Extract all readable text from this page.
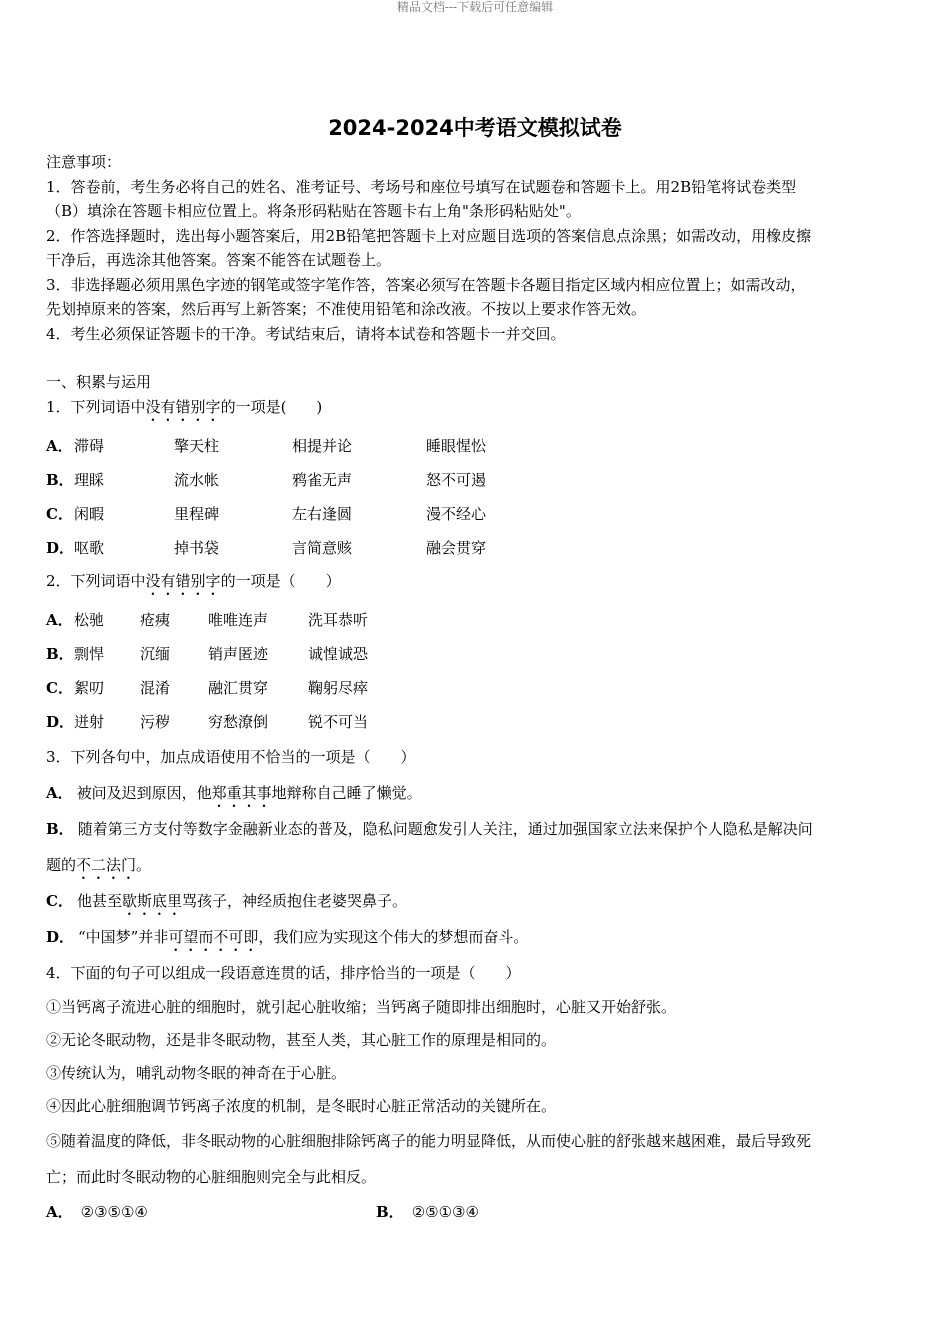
精品文档---下载后可任意编辑
2024-2024中考语文模拟试卷
注意事项：
1．答卷前，考生务必将自己的姓名、准考证号、考场号和座位号填写在试题卷和答题卡上。用2B铅笔将试卷类型
（B）填涂在答题卡相应位置上。将条形码粘贴在答题卡右上角"条形码粘贴处"。
2．作答选择题时，选出每小题答案后，用2B铅笔把答题卡上对应题目选项的答案信息点涂黑；如需改动，用橡皮擦
干净后，再选涂其他答案。答案不能答在试题卷上。
3．非选择题必须用黑色字迹的钢笔或签字笔作答，答案必须写在答题卡各题目指定区域内相应位置上；如需改动，
先划掉原来的答案，然后再写上新答案；不准使用铅笔和涂改液。不按以上要求作答无效。
4．考生必须保证答题卡的干净。考试结束后，请将本试卷和答题卡一并交回。
一、积累与运用
1．下列词语中没有错别字的一项是(　　)
A． 滞碍	擎天柱	相提并论	睡眼惺忪
B． 理睬	流水帐	鸦雀无声	怒不可遏
C． 闲暇	里程碑	左右逢圆	漫不经心
D． 呕歌	掉书袋	言简意赅	融会贯穿
2．下列词语中没有错别字的一项是（　　）
A． 松驰	疮痍	唯唯连声	洗耳恭听
B． 剽悍	沉缅	销声匿迹	诚惶诚恐
C． 絮叨	混淆	融汇贯穿	鞠躬尽瘁
D． 迸射	污秽	穷愁潦倒	锐不可当
3．下列各句中，加点成语使用不恰当的一项是（　　）
A． 被问及迟到原因，他郑重其事地辩称自己睡了懒觉。
B． 随着第三方支付等数字金融新业态的普及，隐私问题愈发引人关注，通过加强国家立法来保护个人隐私是解决问
题的不二法门。
C． 他甚至歇斯底里骂孩子，神经质抱住老婆哭鼻子。
D． “中国梦”并非可望而不可即，我们应为实现这个伟大的梦想而奋斗。
4．下面的句子可以组成一段语意连贯的话，排序恰当的一项是（　　）
①当钙离子流进心脏的细胞时，就引起心脏收缩；当钙离子随即排出细胞时，心脏又开始舒张。
②无论冬眠动物，还是非冬眠动物，甚至人类，其心脏工作的原理是相同的。
③传统认为，哺乳动物冬眠的神奇在于心脏。
④因此心脏细胞调节钙离子浓度的机制，是冬眠时心脏正常活动的关键所在。
⑤随着温度的降低，非冬眠动物的心脏细胞排除钙离子的能力明显降低，从而使心脏的舒张越来越困难，最后导致死
亡；而此时冬眠动物的心脏细胞则完全与此相反。
A． ②③⑤①④	B． ②⑤①③④
